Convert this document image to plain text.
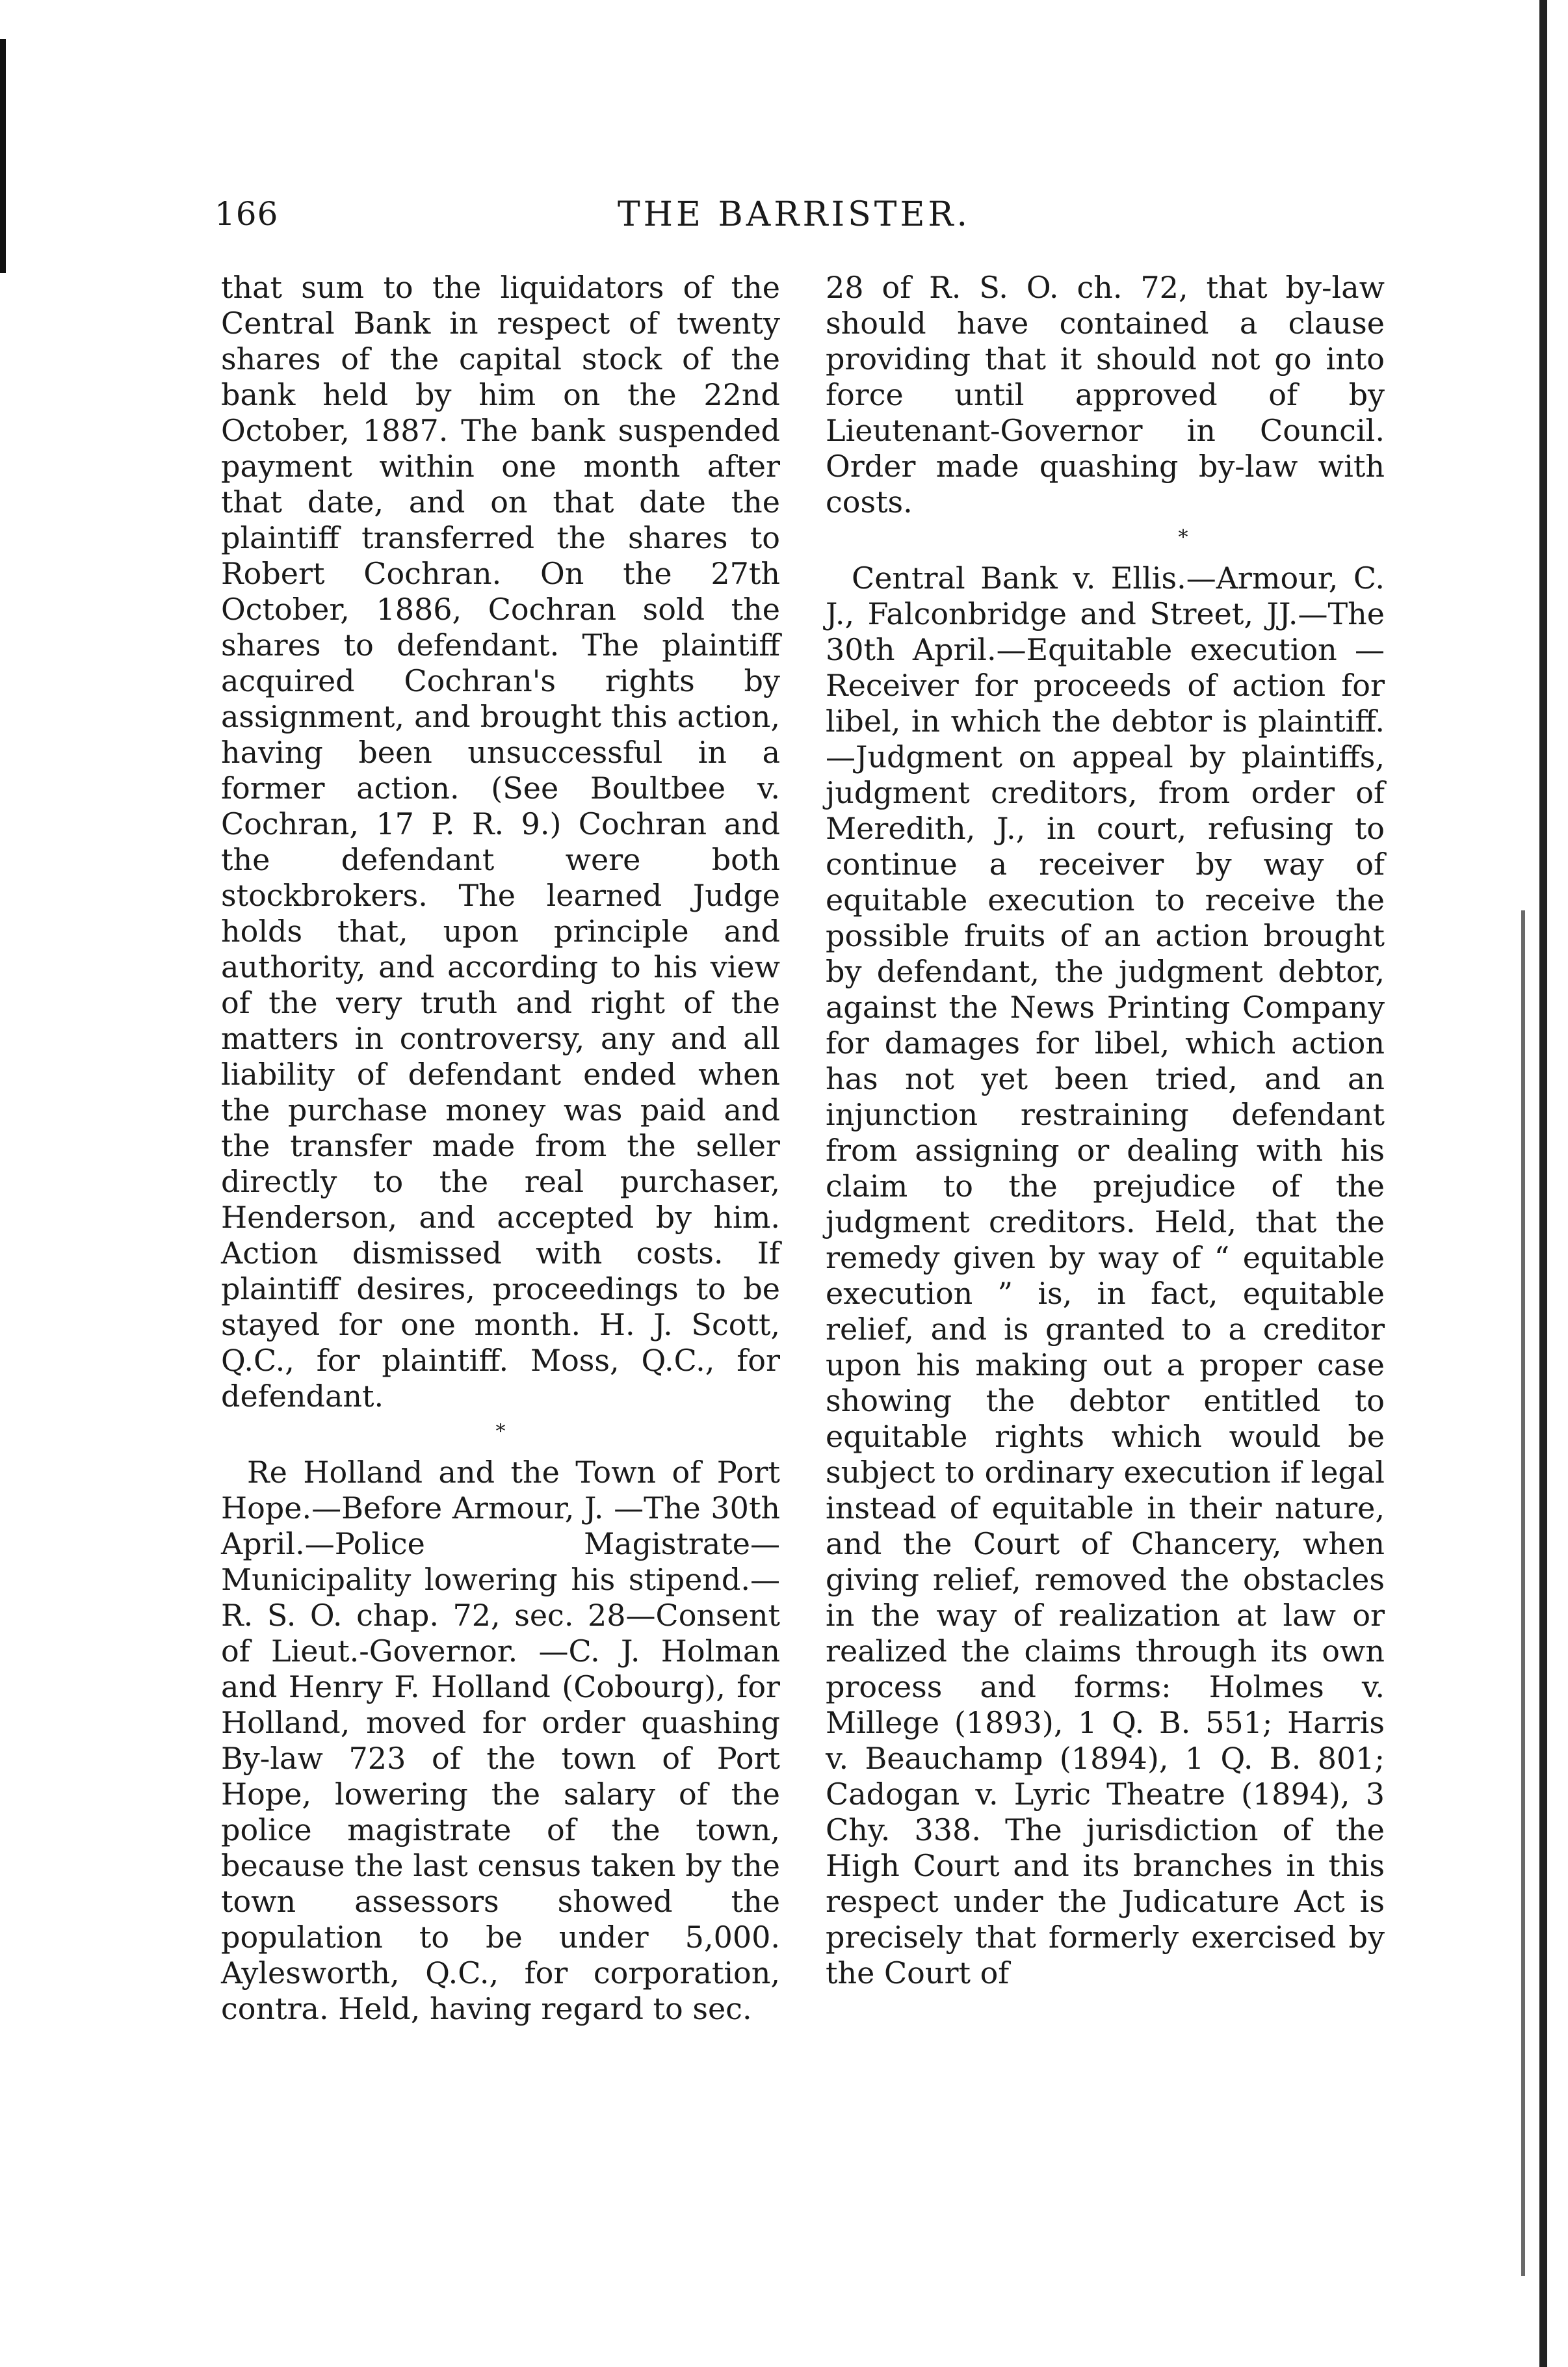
166	THE BARRISTER.

that sum to the liquidators of the Central Bank in respect of twenty shares of the capital stock of the bank held by him on the 22nd October, 1887. The bank suspended payment within one month after that date, and on that date the plaintiff transferred the shares to Robert Cochran. On the 27th October, 1886, Cochran sold the shares to defendant. The plaintiff acquired Cochran's rights by assignment, and brought this action, having been unsuccessful in a former action. (See Boultbee v. Cochran, 17 P. R. 9.) Cochran and the defendant were both stockbrokers. The learned Judge holds that, upon principle and authority, and according to his view of the very truth and right of the matters in controversy, any and all liability of defendant ended when the purchase money was paid and the transfer made from the seller directly to the real purchaser, Henderson, and accepted by him. Action dismissed with costs. If plaintiff desires, proceedings to be stayed for one month. H. J. Scott, Q.C., for plaintiff. Moss, Q.C., for defendant.

*

Re Holland and the Town of Port Hope.—Before Armour, J. —The 30th April.—Police Magistrate—Municipality lowering his stipend.—R. S. O. chap. 72, sec. 28—Consent of Lieut.-Governor. —C. J. Holman and Henry F. Holland (Cobourg), for Holland, moved for order quashing By-law 723 of the town of Port Hope, lowering the salary of the police magistrate of the town, because the last census taken by the town assessors showed the population to be under 5,000. Aylesworth, Q.C., for corporation, contra. Held, having regard to sec.

28 of R. S. O. ch. 72, that by-law should have contained a clause providing that it should not go into force until approved of by Lieutenant-Governor in Council. Order made quashing by-law with costs.

*

Central Bank v. Ellis.—Armour, C. J., Falconbridge and Street, JJ.—The 30th April.—Equitable execution — Receiver for proceeds of action for libel, in which the debtor is plaintiff.—Judgment on appeal by plaintiffs, judgment creditors, from order of Meredith, J., in court, refusing to continue a receiver by way of equitable execution to receive the possible fruits of an action brought by defendant, the judgment debtor, against the News Printing Company for damages for libel, which action has not yet been tried, and an injunction restraining defendant from assigning or dealing with his claim to the prejudice of the judgment creditors. Held, that the remedy given by way of “ equitable execution ” is, in fact, equitable relief, and is granted to a creditor upon his making out a proper case showing the debtor entitled to equitable rights which would be subject to ordinary execution if legal instead of equitable in their nature, and the Court of Chancery, when giving relief, removed the obstacles in the way of realization at law or realized the claims through its own process and forms: Holmes v. Millege (1893), 1 Q. B. 551; Harris v. Beauchamp (1894), 1 Q. B. 801; Cadogan v. Lyric Theatre (1894), 3 Chy. 338. The jurisdiction of the High Court and its branches in this respect under the Judicature Act is precisely that formerly exercised by the Court of
